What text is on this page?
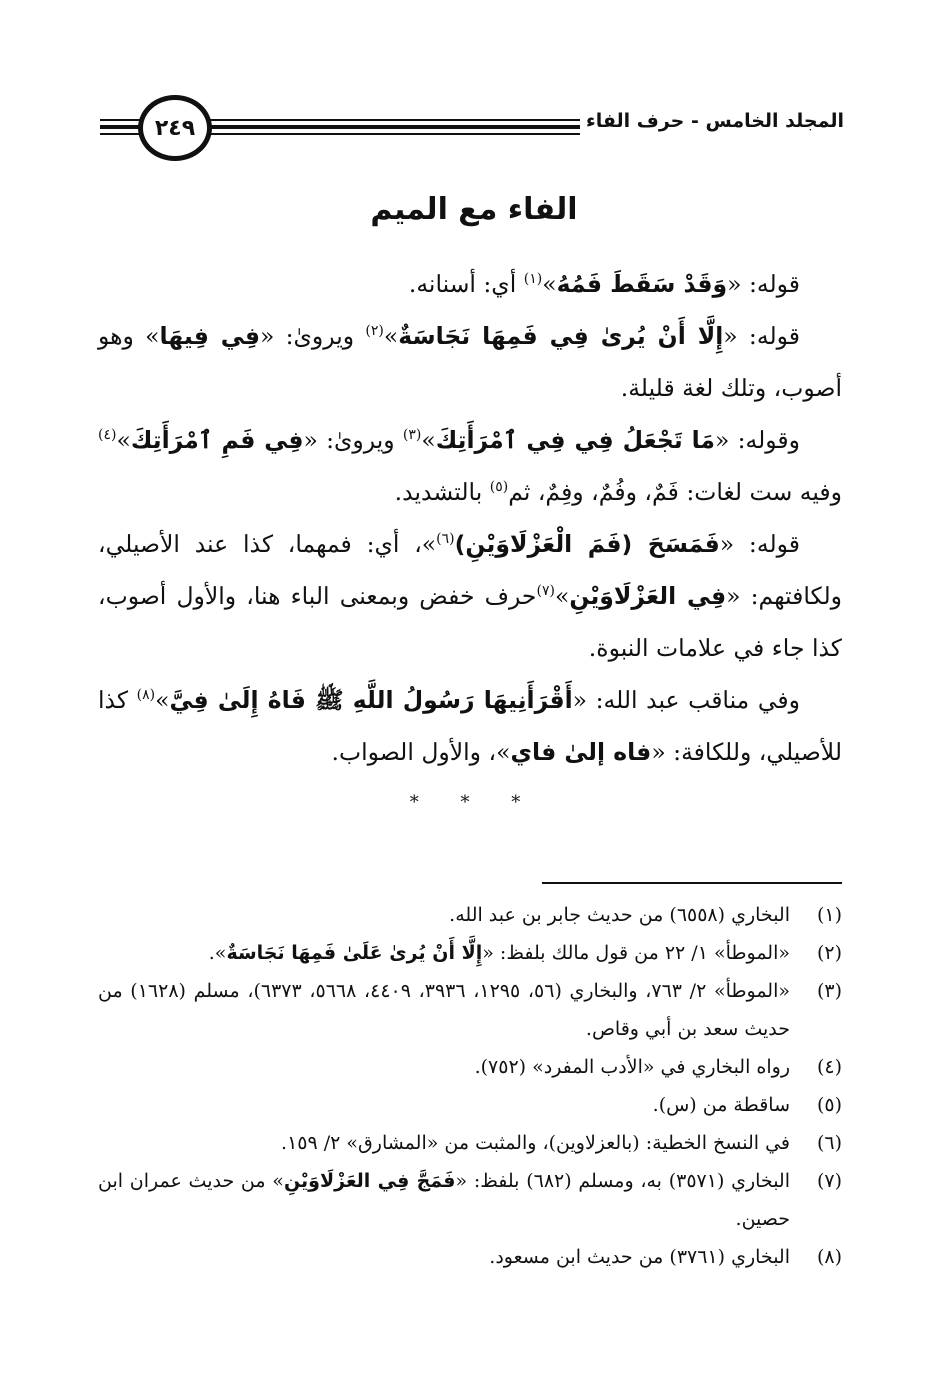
المجلد الخامس - حرف الفاء
٢٤٩
الفاء مع الميم

قوله: «وَقَدْ سَقَطَ فَمُهُ»$^{(١)}$ أي: أسنانه.

قوله: «إِلَّا أَنْ يُرىٰ فِي فَمِهَا نَجَاسَةٌ»$^{(٢)}$ ويرویٰ: «فِي فِيهَا» وهو أصوب، وتلك لغة قليلة.

وقوله: «مَا تَجْعَلُ فِي فِي ٱمْرَأَتِكَ»$^{(٣)}$ ويرویٰ: «فِي فَمِ ٱمْرَأَتِكَ»$^{(٤)}$ وفيه ست لغات: فَمٌ، وفُمٌ، وفِمٌ، ثم$^{(٥)}$ بالتشديد.

قوله: «فَمَسَحَ (فَمَ الْعَزْلَاوَيْنِ)$^{(٦)}$»، أي: فمهما، كذا عند الأصيلي، ولكافتهم: «فِي العَزْلَاوَيْنِ»$^{(٧)}$حرف خفض وبمعنى الباء هنا، والأول أصوب، كذا جاء في علامات النبوة.

وفي مناقب عبد الله: «أَقْرَأَنِيهَا رَسُولُ اللَّهِ ﷺ فَاهُ إِلَىٰ فِيَّ»$^{(٨)}$ كذا للأصيلي، وللكافة: «فاه إلىٰ فاي»، والأول الصواب.

* * *
(١)
البخاري (٦٥٥٨) من حديث جابر بن عبد الله.
(٢)
«الموطأ» ١/ ٢٢ من قول مالك بلفظ: «إِلَّا أَنْ يُرىٰ عَلَىٰ فَمِهَا نَجَاسَةٌ».
(٣)
«الموطأ» ٢/ ٧٦٣، والبخاري (٥٦، ١٢٩٥، ٣٩٣٦، ٤٤٠٩، ٥٦٦٨، ٦٣٧٣)، مسلم (١٦٢٨) من حديث سعد بن أبي وقاص.
(٤)
رواه البخاري في «الأدب المفرد» (٧٥٢).
(٥)
ساقطة من (س).
(٦)
في النسخ الخطية: (بالعزلاوين)، والمثبت من «المشارق» ٢/ ١٥٩.
(٧)
البخاري (٣٥٧١) به، ومسلم (٦٨٢) بلفظ: «فَمَجَّ فِي العَزْلَاوَيْنِ» من حديث عمران ابن حصين.
(٨)
البخاري (٣٧٦١) من حديث ابن مسعود.
